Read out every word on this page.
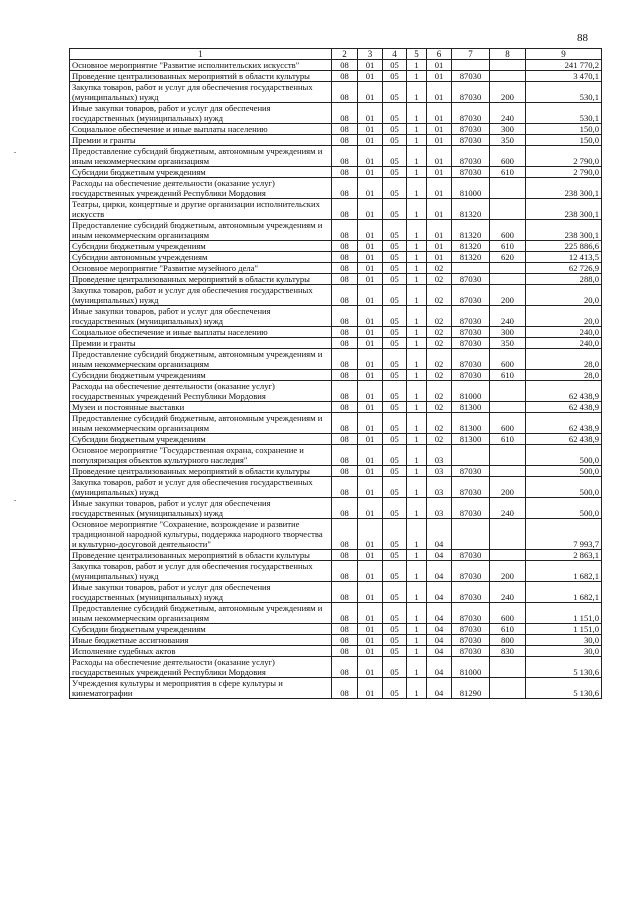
88
1	2	3	4	5	6	7	8	9
Основное мероприятие "Развитие исполнительских искусств"	08	01	05	1	01			241 770,2
Проведение централизованных мероприятий в области культуры	08	01	05	1	01	87030		3 470,1
Закупка товаров, работ и услуг для обеспечения государственных (муниципальных) нужд	08	01	05	1	01	87030	200	530,1
Иные закупки товаров, работ и услуг для обеспечения государственных (муниципальных) нужд	08	01	05	1	01	87030	240	530,1
Социальное обеспечение и иные выплаты населению	08	01	05	1	01	87030	300	150,0
Премии и гранты	08	01	05	1	01	87030	350	150,0
Предоставление субсидий бюджетным, автономным учреждениям и иным некоммерческим организациям	08	01	05	1	01	87030	600	2 790,0
Субсидии бюджетным учреждениям	08	01	05	1	01	87030	610	2 790,0
Расходы на обеспечение деятельности (оказание услуг) государственных учреждений Республики Мордовия	08	01	05	1	01	81000		238 300,1
Театры, цирки, концертные и другие организации исполнительских искусств	08	01	05	1	01	81320		238 300,1
Предоставление субсидий бюджетным, автономным учреждениям и иным некоммерческим организациям	08	01	05	1	01	81320	600	238 300,1
Субсидии бюджетным учреждениям	08	01	05	1	01	81320	610	225 886,6
Субсидии автономным учреждениям	08	01	05	1	01	81320	620	12 413,5
Основное мероприятие "Развитие музейного дела"	08	01	05	1	02			62 726,9
Проведение централизованных мероприятий в области культуры	08	01	05	1	02	87030		288,0
Закупка товаров, работ и услуг для обеспечения государственных (муниципальных) нужд	08	01	05	1	02	87030	200	20,0
Иные закупки товаров, работ и услуг для обеспечения государственных (муниципальных) нужд	08	01	05	1	02	87030	240	20,0
Социальное обеспечение и иные выплаты населению	08	01	05	1	02	87030	300	240,0
Премии и гранты	08	01	05	1	02	87030	350	240,0
Предоставление субсидий бюджетным, автономным учреждениям и иным некоммерческим организациям	08	01	05	1	02	87030	600	28,0
Субсидии бюджетным учреждениям	08	01	05	1	02	87030	610	28,0
Расходы на обеспечение деятельности (оказание услуг) государственных учреждений Республики Мордовия	08	01	05	1	02	81000		62 438,9
Музеи и постоянные выставки	08	01	05	1	02	81300		62 438,9
Предоставление субсидий бюджетным, автономным учреждениям и иным некоммерческим организациям	08	01	05	1	02	81300	600	62 438,9
Субсидии бюджетным учреждениям	08	01	05	1	02	81300	610	62 438,9
Основное мероприятие "Государственная охрана, сохранение и популяризация объектов культурного наследия"	08	01	05	1	03			500,0
Проведение централизованных мероприятий в области культуры	08	01	05	1	03	87030		500,0
Закупка товаров, работ и услуг для обеспечения государственных (муниципальных) нужд	08	01	05	1	03	87030	200	500,0
Иные закупки товаров, работ и услуг для обеспечения государственных (муниципальных) нужд	08	01	05	1	03	87030	240	500,0
Основное мероприятие "Сохранение, возрождение и развитие традиционной народной культуры, поддержка народного творчества и культурно-досуговой деятельности"	08	01	05	1	04			7 993,7
Проведение централизованных мероприятий в области культуры	08	01	05	1	04	87030		2 863,1
Закупка товаров, работ и услуг для обеспечения государственных (муниципальных) нужд	08	01	05	1	04	87030	200	1 682,1
Иные закупки товаров, работ и услуг для обеспечения государственных (муниципальных) нужд	08	01	05	1	04	87030	240	1 682,1
Предоставление субсидий бюджетным, автономным учреждениям и иным некоммерческим организациям	08	01	05	1	04	87030	600	1 151,0
Субсидии бюджетным учреждениям	08	01	05	1	04	87030	610	1 151,0
Иные бюджетные ассигнования	08	01	05	1	04	87030	800	30,0
Исполнение судебных актов	08	01	05	1	04	87030	830	30,0
Расходы на обеспечение деятельности (оказание услуг) государственных учреждений Республики Мордовия	08	01	05	1	04	81000		5 130,6
Учреждения культуры и мероприятия в сфере культуры и кинематографии	08	01	05	1	04	81290		5 130,6
